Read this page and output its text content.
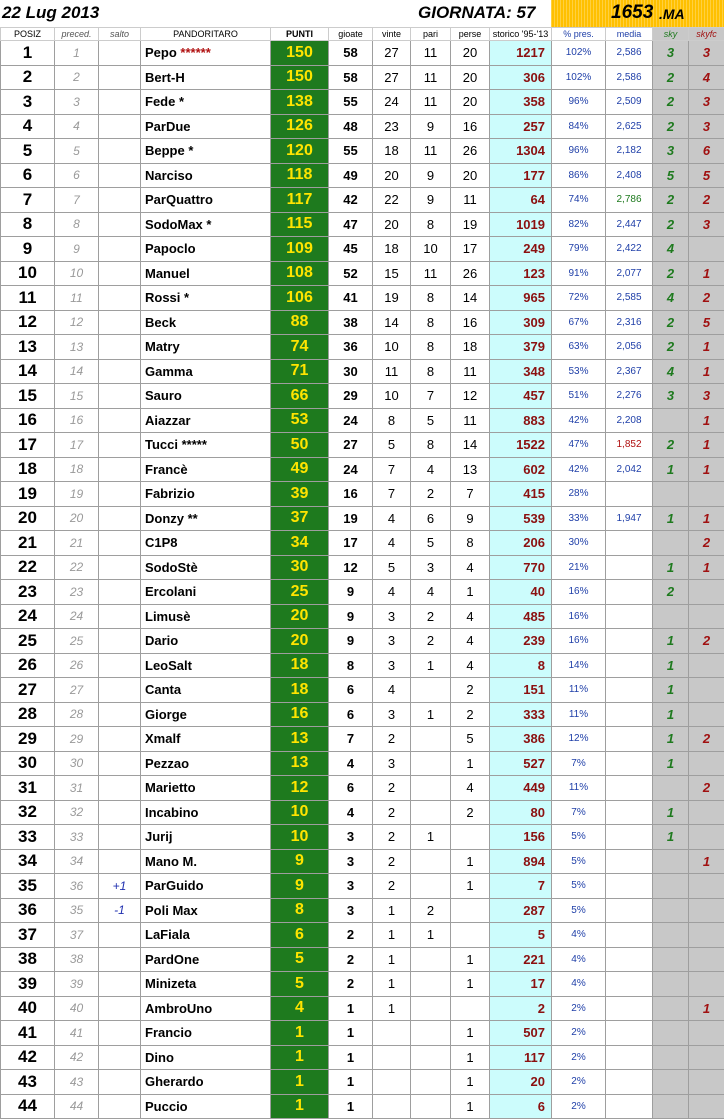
22 Lug 2013	GIORNATA: 57	1653 .MA
POSIZ	preced.	salto	PANDORITARO	PUNTI	gioate	vinte	pari	perse	storico '95-'13	% pres.	media	sky	skyfc
1	1		Pepo ******	150	58	27	11	20	1217	102%	2,586	3	3
2	2		Bert-H	150	58	27	11	20	306	102%	2,586	2	4
3	3		Fede *	138	55	24	11	20	358	96%	2,509	2	3
4	4		ParDue	126	48	23	9	16	257	84%	2,625	2	3
5	5		Beppe *	120	55	18	11	26	1304	96%	2,182	3	6
6	6		Narciso	118	49	20	9	20	177	86%	2,408	5	5
7	7		ParQuattro	117	42	22	9	11	64	74%	2,786	2	2
8	8		SodoMax *	115	47	20	8	19	1019	82%	2,447	2	3
9	9		Papoclo	109	45	18	10	17	249	79%	2,422	4	
10	10		Manuel	108	52	15	11	26	123	91%	2,077	2	1
11	11		Rossi *	106	41	19	8	14	965	72%	2,585	4	2
12	12		Beck	88	38	14	8	16	309	67%	2,316	2	5
13	13		Matry	74	36	10	8	18	379	63%	2,056	2	1
14	14		Gamma	71	30	11	8	11	348	53%	2,367	4	1
15	15		Sauro	66	29	10	7	12	457	51%	2,276	3	3
16	16		Aiazzar	53	24	8	5	11	883	42%	2,208		1
17	17		Tucci *****	50	27	5	8	14	1522	47%	1,852	2	1
18	18		Francè	49	24	7	4	13	602	42%	2,042	1	1
19	19		Fabrizio	39	16	7	2	7	415	28%			
20	20		Donzy **	37	19	4	6	9	539	33%	1,947	1	1
21	21		C1P8	34	17	4	5	8	206	30%			2
22	22		SodoStè	30	12	5	3	4	770	21%		1	1
23	23		Ercolani	25	9	4	4	1	40	16%		2	
24	24		Limusè	20	9	3	2	4	485	16%			
25	25		Dario	20	9	3	2	4	239	16%		1	2
26	26		LeoSalt	18	8	3	1	4	8	14%		1	
27	27		Canta	18	6	4		2	151	11%		1	
28	28		Giorge	16	6	3	1	2	333	11%		1	
29	29		Xmalf	13	7	2		5	386	12%		1	2
30	30		Pezzao	13	4	3		1	527	7%		1	
31	31		Marietto	12	6	2		4	449	11%			2
32	32		Incabino	10	4	2		2	80	7%		1	
33	33		Jurij	10	3	2	1		156	5%		1	
34	34		Mano M.	9	3	2		1	894	5%			1
35	36	+1	ParGuido	9	3	2		1	7	5%			
36	35	-1	Poli Max	8	3	1	2		287	5%			
37	37		LaFiala	6	2	1	1		5	4%			
38	38		PardOne	5	2	1		1	221	4%			
39	39		Minizeta	5	2	1		1	17	4%			
40	40		AmbroUno	4	1	1			2	2%			1
41	41		Francio	1	1			1	507	2%			
42	42		Dino	1	1			1	117	2%			
43	43		Gherardo	1	1			1	20	2%			
44	44		Puccio	1	1			1	6	2%			
